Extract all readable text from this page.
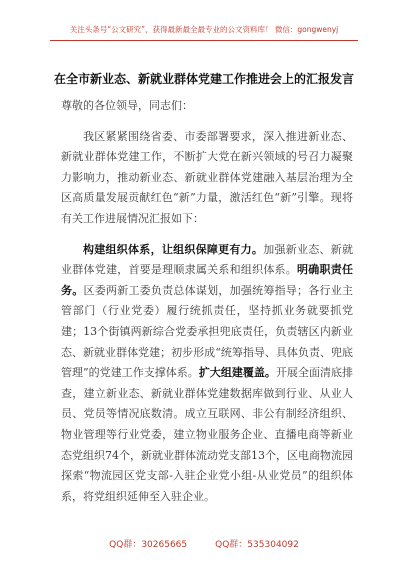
关注头条号“公文研究”，获得最新最全最专业的公文资料库！ 微信：gongwenyj
在全市新业态、新就业群体党建工作推进会上的汇报发言

尊敬的各位领导，同志们：

我区紧紧围绕省委、市委部署要求，深入推进新业态、新就业群体党建工作，不断扩大党在新兴领域的号召力凝聚力影响力，推动新业态、新就业群体党建融入基层治理为全区高质量发展贡献红色“新”力量，激活红色“新”引擎。现将有关工作进展情况汇报如下：

构建组织体系，让组织保障更有力。加强新业态、新就业群体党建，首要是理顺隶属关系和组织体系。明确职责任务。区委两新工委负责总体谋划，加强统筹指导；各行业主管部门（行业党委）履行统抓责任，坚持抓业务就要抓党建；13个街镇两新综合党委承担兜底责任，负责辖区内新业态、新就业群体党建；初步形成“统筹指导、具体负责、兜底管理”的党建工作支撑体系。扩大组建覆盖。开展全面清底排查，建立新业态、新就业群体党建数据库做到行业、从业人员、党员等情况底数清。成立互联网、非公有制经济组织、物业管理等行业党委，建立物业服务企业、直播电商等新业态党组织74个，新就业群体流动党支部13个，区电商物流园探索“物流园区党支部-入驻企业党小组-从业党员”的组织体系，将党组织延伸至入驻企业。

QQ群：30265665	QQ群：535304092
